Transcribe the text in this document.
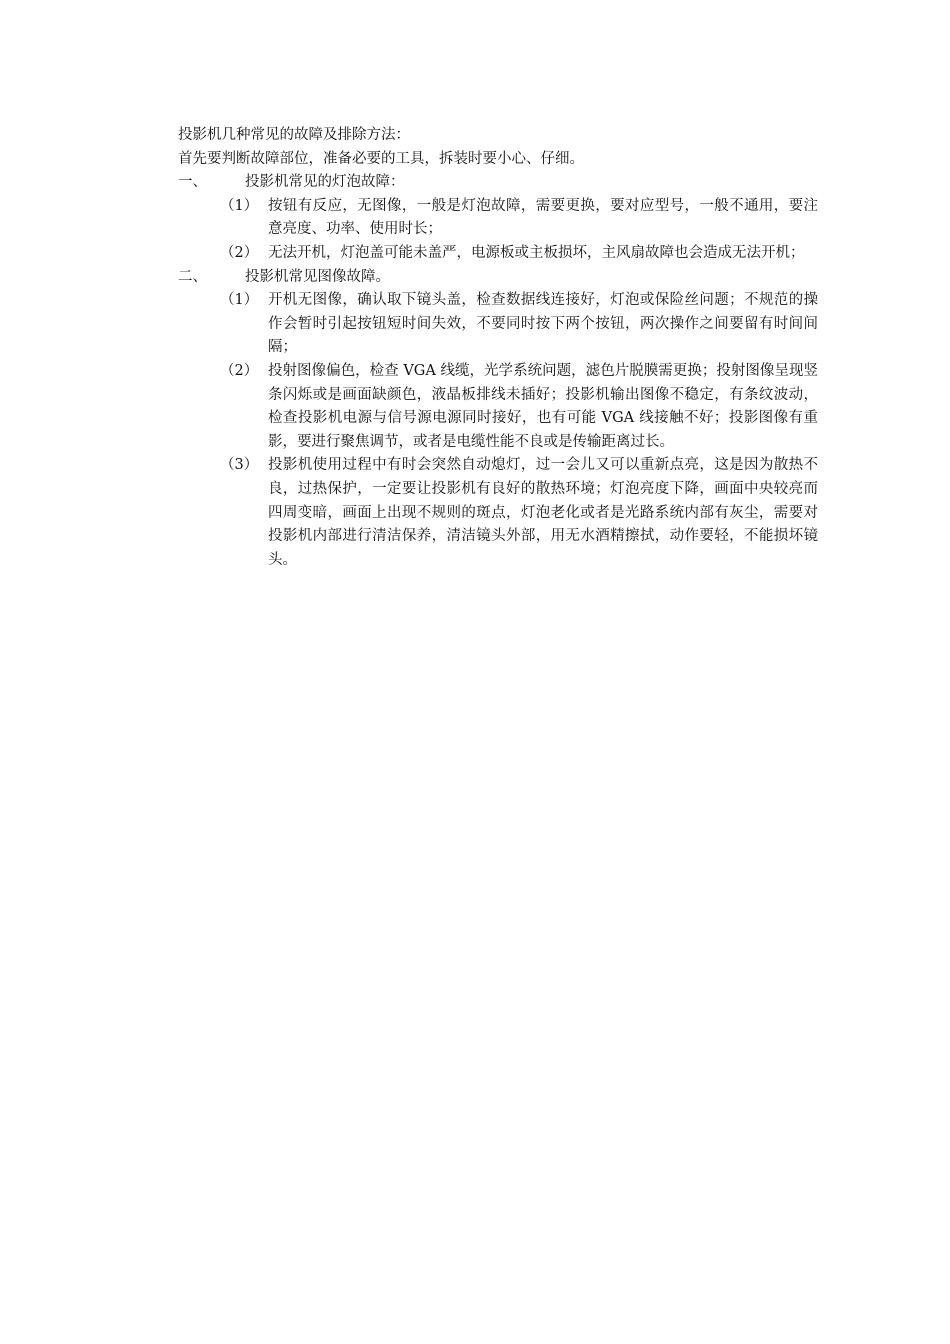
投影机几种常见的故障及排除方法：

首先要判断故障部位，准备必要的工具，拆装时要小心、仔细。

一、	投影机常见的灯泡故障：
（1） 按钮有反应，无图像，一般是灯泡故障，需要更换，要对应型号，一般不通用，要注意亮度、功率、使用时长；
（2） 无法开机，灯泡盖可能未盖严，电源板或主板损坏，主风扇故障也会造成无法开机；
二、	投影机常见图像故障。
（1） 开机无图像，确认取下镜头盖，检查数据线连接好，灯泡或保险丝问题；不规范的操作会暂时引起按钮短时间失效，不要同时按下两个按钮，两次操作之间要留有时间间隔；
（2） 投射图像偏色，检查 VGA 线缆，光学系统问题，滤色片脱膜需更换；投射图像呈现竖条闪烁或是画面缺颜色，液晶板排线未插好；投影机输出图像不稳定，有条纹波动，检查投影机电源与信号源电源同时接好，也有可能 VGA 线接触不好；投影图像有重影，要进行聚焦调节，或者是电缆性能不良或是传输距离过长。
（3） 投影机使用过程中有时会突然自动熄灯，过一会儿又可以重新点亮，这是因为散热不良，过热保护，一定要让投影机有良好的散热环境；灯泡亮度下降，画面中央较亮而四周变暗，画面上出现不规则的斑点，灯泡老化或者是光路系统内部有灰尘，需要对投影机内部进行清洁保养，清洁镜头外部，用无水酒精擦拭，动作要轻，不能损坏镜头。
